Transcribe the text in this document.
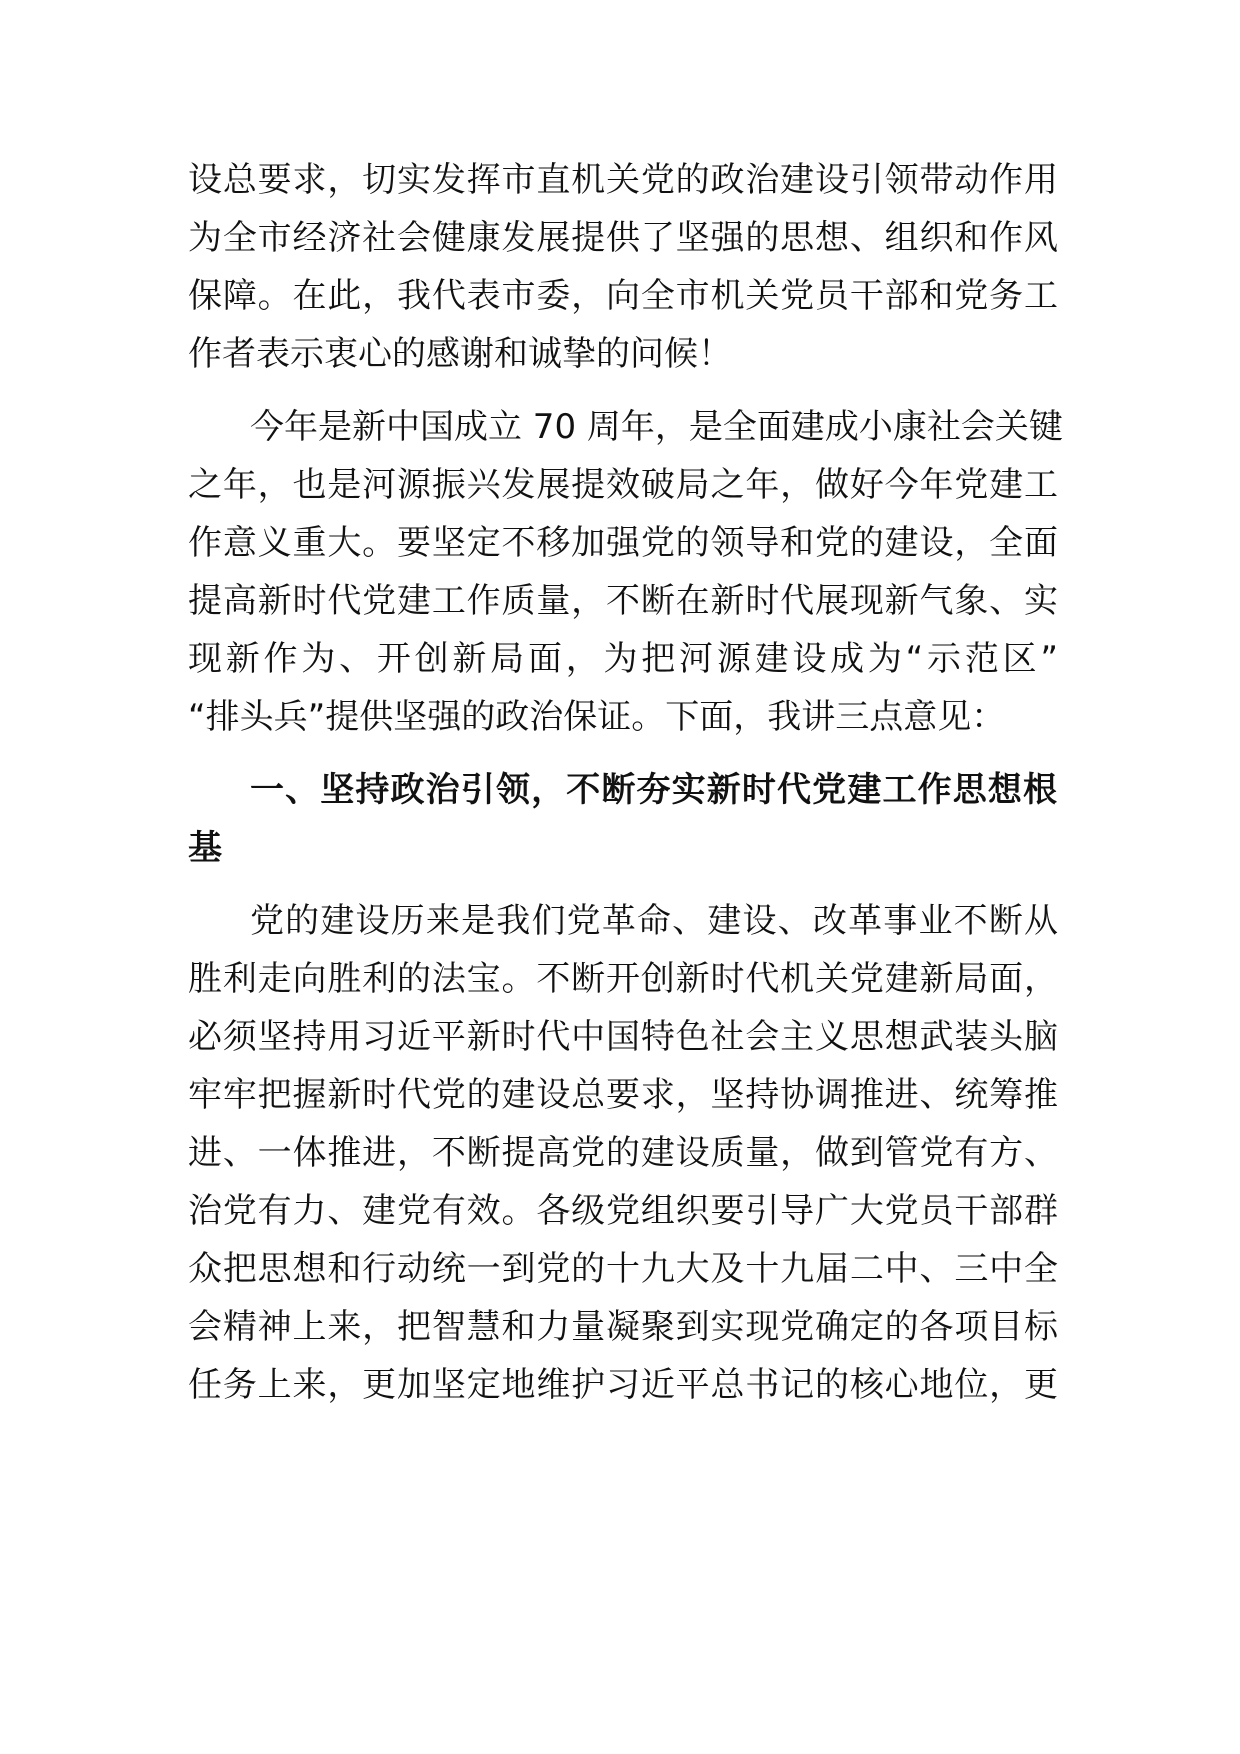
设总要求，切实发挥市直机关党的政治建设引领带动作用
为全市经济社会健康发展提供了坚强的思想、组织和作风
保障。在此，我代表市委，向全市机关党员干部和党务工
作者表示衷心的感谢和诚挚的问候！
今年是新中国成立 70 周年，是全面建成小康社会关键
之年，也是河源振兴发展提效破局之年，做好今年党建工
作意义重大。要坚定不移加强党的领导和党的建设，全面
提高新时代党建工作质量，不断在新时代展现新气象、实
现新作为、开创新局面，为把河源建设成为“示范区”
“排头兵”提供坚强的政治保证。下面，我讲三点意见：
一、坚持政治引领，不断夯实新时代党建工作思想根
基
党的建设历来是我们党革命、建设、改革事业不断从
胜利走向胜利的法宝。不断开创新时代机关党建新局面，
必须坚持用习近平新时代中国特色社会主义思想武装头脑
牢牢把握新时代党的建设总要求，坚持协调推进、统筹推
进、一体推进，不断提高党的建设质量，做到管党有方、
治党有力、建党有效。各级党组织要引导广大党员干部群
众把思想和行动统一到党的十九大及十九届二中、三中全
会精神上来，把智慧和力量凝聚到实现党确定的各项目标
任务上来，更加坚定地维护习近平总书记的核心地位，更
